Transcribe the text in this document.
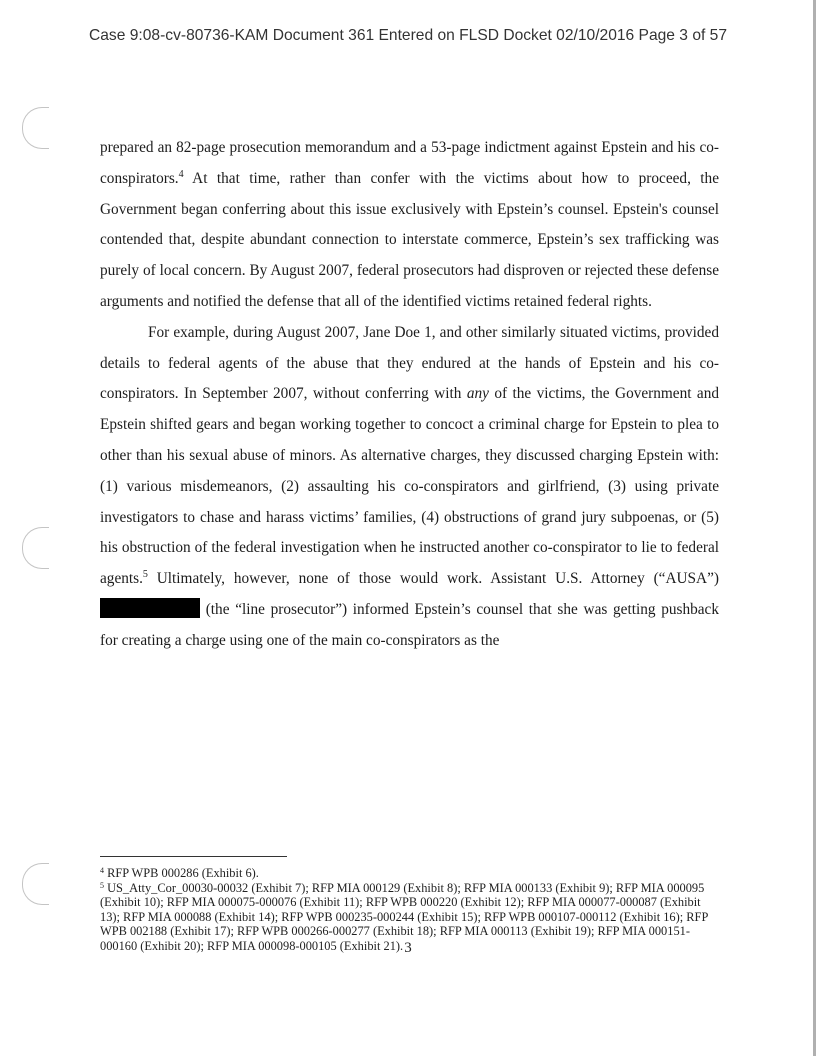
Case 9:08-cv-80736-KAM Document 361 Entered on FLSD Docket 02/10/2016 Page 3 of 57

prepared an 82-page prosecution memorandum and a 53-page indictment against Epstein and his co-conspirators.$^4$ At that time, rather than confer with the victims about how to proceed, the Government began conferring about this issue exclusively with Epstein’s counsel. Epstein's counsel contended that, despite abundant connection to interstate commerce, Epstein’s sex trafficking was purely of local concern. By August 2007, federal prosecutors had disproven or rejected these defense arguments and notified the defense that all of the identified victims retained federal rights.

For example, during August 2007, Jane Doe 1, and other similarly situated victims, provided details to federal agents of the abuse that they endured at the hands of Epstein and his co-conspirators. In September 2007, without conferring with any of the victims, the Government and Epstein shifted gears and began working together to concoct a criminal charge for Epstein to plea to other than his sexual abuse of minors. As alternative charges, they discussed charging Epstein with: (1) various misdemeanors, (2) assaulting his co-conspirators and girlfriend, (3) using private investigators to chase and harass victims’ families, (4) obstructions of grand jury subpoenas, or (5) his obstruction of the federal investigation when he instructed another co-conspirator to lie to federal agents.$^5$ Ultimately, however, none of those would work. Assistant U.S. Attorney (“AUSA”)  (the “line prosecutor”) informed Epstein’s counsel that she was getting pushback for creating a charge using one of the main co-conspirators as the

$^4$ RFP WPB 000286 (Exhibit 6).

$^5$ US_Atty_Cor_00030-00032 (Exhibit 7); RFP MIA 000129 (Exhibit 8); RFP MIA 000133 (Exhibit 9); RFP MIA 000095 (Exhibit 10); RFP MIA 000075-000076 (Exhibit 11); RFP WPB 000220 (Exhibit 12); RFP MIA 000077-000087 (Exhibit 13); RFP MIA 000088 (Exhibit 14); RFP WPB 000235-000244 (Exhibit 15); RFP WPB 000107-000112 (Exhibit 16); RFP WPB 002188 (Exhibit 17); RFP WPB 000266-000277 (Exhibit 18); RFP MIA 000113 (Exhibit 19); RFP MIA 000151-000160 (Exhibit 20); RFP MIA 000098-000105 (Exhibit 21). 3
